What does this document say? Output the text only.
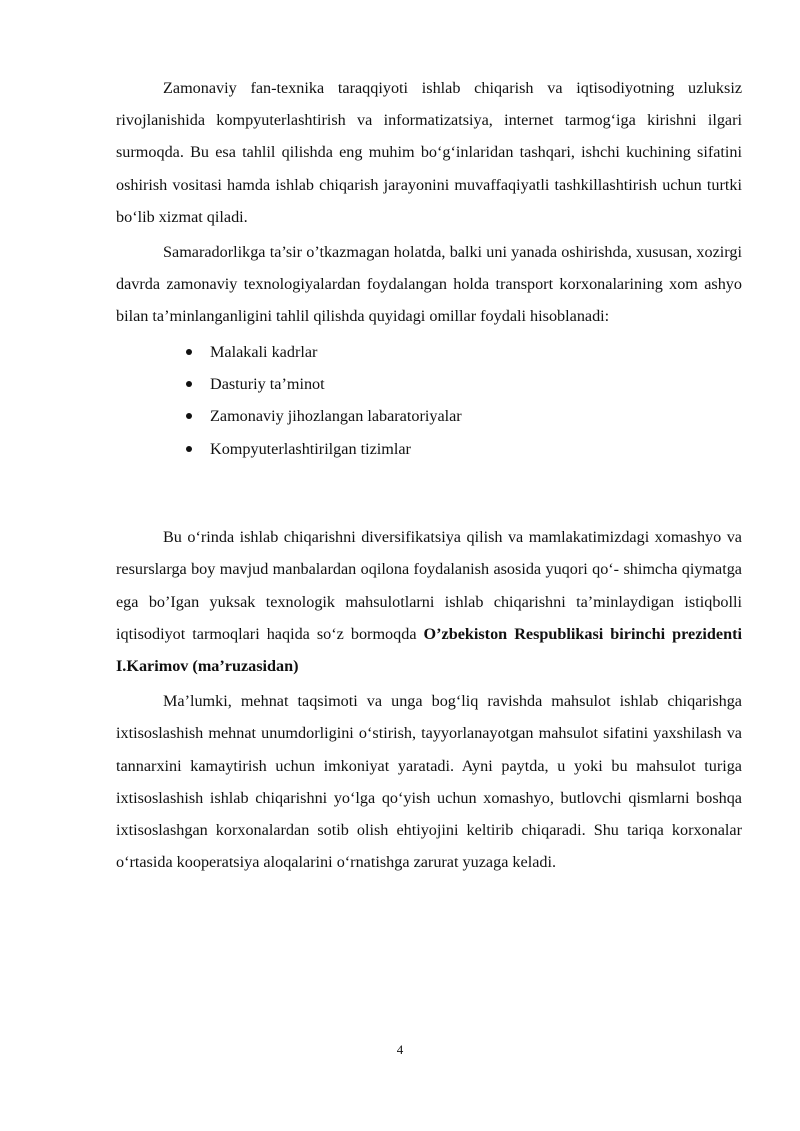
Zamonaviy fan-texnika taraqqiyoti ishlab chiqarish va iqtisodiyotning uzluksiz rivojlanishida kompyuterlashtirish va informatizatsiya, internet tarmog‘iga kirishni ilgari surmoqda. Bu esa tahlil qilishda eng muhim bo‘g‘inlaridan tashqari, ishchi kuchining sifatini oshirish vositasi hamda ishlab chiqarish jarayonini muvaffaqiyatli tashkillashtirish uchun turtki bo‘lib xizmat qiladi.

Samaradorlikga ta’sir o’tkazmagan holatda, balki uni yanada oshirishda, xususan, xozirgi davrda zamonaviy texnologiyalardan foydalangan holda transport korxonalarining xom ashyo bilan ta’minlanganligini tahlil qilishda quyidagi omillar foydali hisoblanadi:

Malakali kadrlar
Dasturiy ta’minot
Zamonaviy jihozlangan labaratoriyalar
Kompyuterlashtirilgan tizimlar

Bu o‘rinda ishlab chiqarishni diversifikatsiya qilish va mamlakatimizdagi xomashyo va resurslarga boy mavjud manbalardan oqilona foydalanish asosida yuqori qo‘- shimcha qiymatga ega bo’Igan yuksak texnologik mahsulotlarni ishlab chiqarishni ta’minlaydigan istiqbolli iqtisodiyot tarmoqlari haqida so‘z bormoqda O’zbekiston Respublikasi birinchi prezidenti I.Karimov (ma’ruzasidan)

Ma’lumki, mehnat taqsimoti va unga bog‘liq ravishda mahsulot ishlab chiqarishga ixtisoslashish mehnat unumdorligini o‘stirish, tayyorlanayotgan mahsulot sifatini yaxshilash va tannarxini kamaytirish uchun imkoniyat yaratadi. Ayni paytda, u yoki bu mahsulot turiga ixtisoslashish ishlab chiqarishni yo‘lga qo‘yish uchun xomashyo, butlovchi qismlarni boshqa ixtisoslashgan korxonalardan sotib olish ehtiyojini keltirib chiqaradi. Shu tariqa korxonalar o‘rtasida kooperatsiya aloqalarini o‘rnatishga zarurat yuzaga keladi.

4
